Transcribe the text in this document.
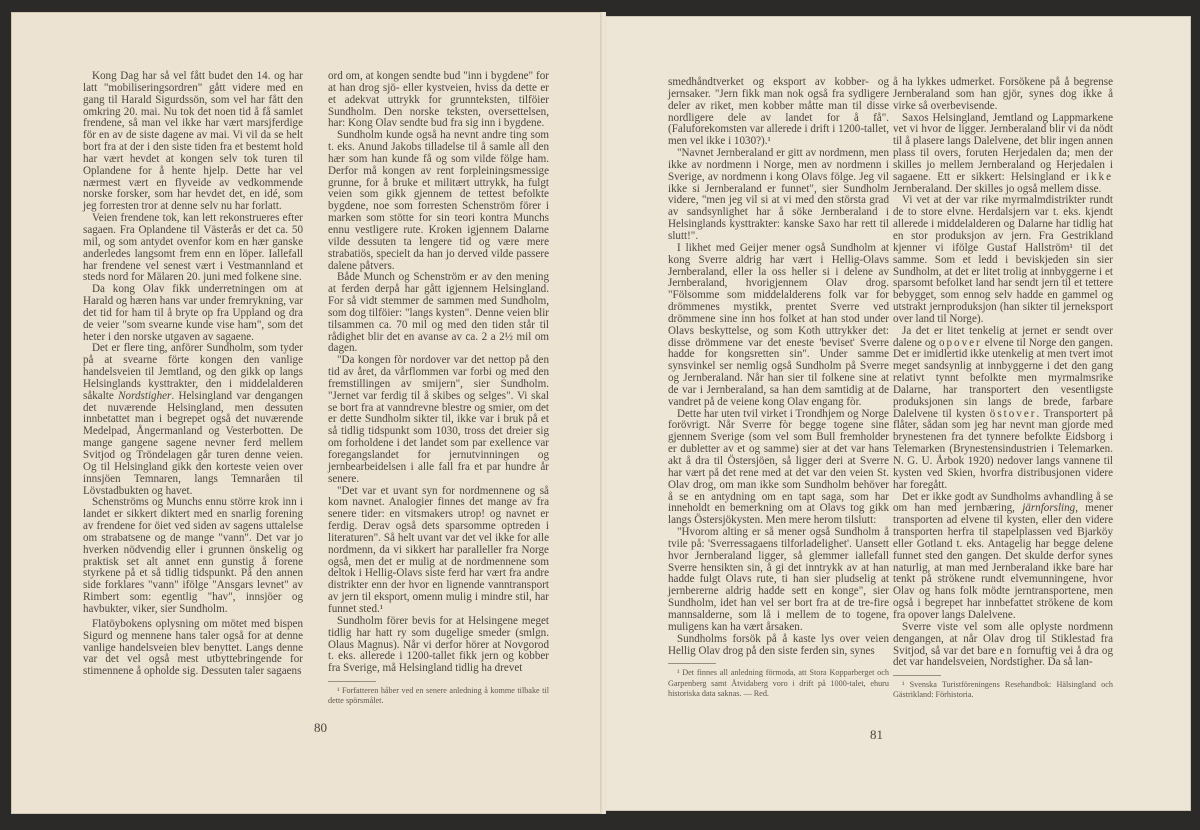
Kong Dag har så vel fått budet den 14. og har latt "mobiliseringsordren" gått videre med en gang til Harald Sigurdssön, som vel har fått den omkring 20. mai. Nu tok det noen tid å få samlet frendene, så man vel ikke har vært marsjferdige för en av de siste dagene av mai. Vi vil da se helt bort fra at der i den siste tiden fra et bestemt hold har vært hevdet at kongen selv tok turen til Oplandene for å hente hjelp. Dette har vel nærmest vært en flyveide av vedkommende norske forsker, som har hevdet det, en idé, som jeg forresten tror at denne selv nu har forlatt.

Veien frendene tok, kan lett rekonstrueres efter sagaen. Fra Oplandene til Västerås er det ca. 50 mil, og som antydet ovenfor kom en hær ganske anderledes langsomt frem enn en löper. Iallefall har frendene vel senest vært i Vestmannland et steds nord for Mälaren 20. juni med folkene sine.

Da kong Olav fikk underretningen om at Harald og hæren hans var under fremrykning, var det tid for ham til å bryte op fra Uppland og dra de veier "som svearne kunde vise ham", som det heter i den norske utgaven av sagaene.

Det er flere ting, anförer Sundholm, som tyder på at svearne förte kongen den vanlige handelsveien til Jemtland, og den gikk op langs Helsinglands kysttrakter, den i middelalderen såkalte Nordstigher. Helsingland var dengangen det nuværende Helsingland, men dessuten innbetattet man i begrepet også det nuværende Medelpad, Ångermanland og Vesterbotten. De mange gangene sagene nevner ferd mellem Svitjod og Tröndelagen går turen denne veien. Og til Helsingland gikk den korteste veien over innsjöen Temnaren, langs Temnaråen til Lövstadbukten og havet.

Schenströms og Munchs ennu större krok inn i landet er sikkert diktert med en snarlig forening av frendene for öiet ved siden av sagens uttalelse om strabatsene og de mange "vann". Det var jo hverken nödvendig eller i grunnen önskelig og praktisk set alt annet enn gunstig å forene styrkene på et så tidlig tidspunkt. På den annen side forklares "vann" ifölge "Ansgars levnet" av Rimbert som: egentlig "hav", innsjöer og havbukter, viker, sier Sundholm.

Flatöybokens oplysning om mötet med bispen Sigurd og mennene hans taler også for at denne vanlige handelsveien blev benyttet. Langs denne var det vel også mest utbyttebringende for stimennene å opholde sig. Dessuten taler sagaens

ord om, at kongen sendte bud "inn i bygdene" for at han drog sjö- eller kystveien, hviss da dette er et adekvat uttrykk for grunnteksten, tilföier Sundholm. Den norske teksten, oversettelsen, har: Kong Olav sendte bud fra sig inn i bygdene.

Sundholm kunde også ha nevnt andre ting som t. eks. Anund Jakobs tilladelse til å samle all den hær som han kunde få og som vilde fölge ham. Derfor må kongen av rent forpleiningsmessige grunne, for å bruke et militært uttrykk, ha fulgt veien som gikk gjennem de tettest befolkte bygdene, noe som forresten Schenström förer i marken som stötte for sin teori kontra Munchs ennu vestligere rute. Kroken igjennem Dalarne vilde dessuten ta lengere tid og være mere strabatiös, specielt da han jo derved vilde passere dalene påtvers.

Både Munch og Schenström er av den mening at ferden derpå har gått igjennem Helsingland. For så vidt stemmer de sammen med Sundholm, som dog tilföier: "langs kysten". Denne veien blir tilsammen ca. 70 mil og med den tiden står til rådighet blir det en avanse av ca. 2 a 2½ mil om dagen.

"Da kongen fòr nordover var det nettop på den tid av året, da vårflommen var forbi og med den fremstillingen av smijern", sier Sundholm. "Jernet var ferdig til å skibes og selges". Vi skal se bort fra at vanndrevne blestre og smier, om det er dette Sundholm sikter til, ikke var i bruk på et så tidlig tidspunkt som 1030, tross det dreier sig om forholdene i det landet som par exellence var foregangslandet for jernutvinningen og jernbearbeidelsen i alle fall fra et par hundre år senere.

"Det var et uvant syn for nordmennene og så kom navnet. Analogier finnes det mange av fra senere tider: en vitsmakers utrop! og navnet er ferdig. Derav også dets sparsomme optreden i literaturen". Så helt uvant var det vel ikke for alle nordmenn, da vi sikkert har paralleller fra Norge også, men det er mulig at de nordmennene som deltok i Hellig-Olavs siste ferd har vært fra andre distrikter enn der hvor en lignende vanntransport av jern til eksport, omenn mulig i mindre stil, har funnet sted.¹

Sundholm förer bevis for at Helsingene meget tidlig har hatt ry som dugelige smeder (smlgn. Olaus Magnus). Når vi derfor hörer at Novgorod t. eks. allerede i 1200-tallet fikk jern og kobber fra Sverige, må Helsingland tidlig ha drevet

¹ Forfatteren håber ved en senere anledning å komme tilbake til dette spörsmålet.

80

smedhåndtverket og eksport av kobber- og jernsaker. "Jern fikk man nok også fra sydligere deler av riket, men kobber måtte man til disse nordligere dele av landet for å få". (Faluforekomsten var allerede i drift i 1200-tallet, men vel ikke i 1030?).¹

"Navnet Jernberaland er gitt av nordmenn, men ikke av nordmenn i Norge, men av nordmenn i Sverige, av nordmenn i kong Olavs fölge. Jeg vil ikke si Jernberaland er funnet", sier Sundholm videre, "men jeg vil si at vi med den största grad av sandsynlighet har å söke Jernberaland i Helsinglands kysttrakter: kanske Saxo har rett til slutt!".

I likhet med Geijer mener også Sundholm at kong Sverre aldrig har vært i Hellig-Olavs Jernberaland, eller la oss heller si i delene av Jernberaland, hvorigjennem Olav drog. "Fölsomme som middelalderens folk var for drömmenes mystikk, prentet Sverre ved drömmene sine inn hos folket at han stod under Olavs beskyttelse, og som Koth uttrykker det: disse drömmene var det eneste 'beviset' Sverre hadde for kongsretten sin". Under samme synsvinkel ser nemlig også Sundholm på Sverre og Jernberaland. Når han sier til folkene sine at de var i Jernberaland, sa han dem samtidig at de vandret på de veiene kong Olav engang fòr.

Dette har uten tvil virket i Trondhjem og Norge forövrigt. Når Sverre fòr begge togene sine gjennem Sverige (som vel som Bull fremholder er dubletter av et og samme) sier at det var hans akt å dra til Östersjöen, så ligger deri at Sverre har vært på det rene med at det var den veien St. Olav drog, om man ikke som Sundholm behöver å se en antydning om en tapt saga, som har inneholdt en bemerkning om at Olavs tog gikk langs Östersjökysten. Men mere herom tilslutt:

"Hvorom alting er så mener også Sundholm å tvile på: 'Sverressagaens tilforladelighet'. Uansett hvor Jernberaland ligger, så glemmer iallefall Sverre hensikten sin, å gi det inntrykk av at han hadde fulgt Olavs rute, ti han sier pludselig at jernbererne aldrig hadde sett en konge", sier Sundholm, idet han vel ser bort fra at de tre-fire mannsalderne, som lå i mellem de to togene, muligens kan ha vært årsaken.

Sundholms forsök på å kaste lys over veien Hellig Olav drog på den siste ferden sin, synes

¹ Det finnes all anledning förmoda, att Stora Kopparberget och Garpenberg samt Åtvidaberg voro i drift på 1000-talet, ehuru historiska data saknas. — Red.

å ha lykkes udmerket. Forsökene på å begrense Jernberaland som han gjör, synes dog ikke å virke så overbevisende.

Saxos Helsingland, Jemtland og Lappmarkene vet vi hvor de ligger. Jernberaland blir vi da nödt til å plasere langs Dalelvene, det blir ingen annen plass til overs, foruten Herjedalen da; men der skilles jo mellem Jernberaland og Herjedalen i sagaene. Ett er sikkert: Helsingland er ikke Jernberaland. Der skilles jo også mellem disse.

Vi vet at der var rike myrmalmdistrikter rundt de to store elvne. Herdalsjern var t. eks. kjendt allerede i middelalderen og Dalarne har tidlig hat en stor produksjon av jern. Fra Gestrikland kjenner vi ifölge Gustaf Hallström¹ til det samme. Som et ledd i beviskjeden sin sier Sundholm, at det er litet trolig at innbyggerne i et sparsomt befolket land har sendt jern til et tettere bebygget, som ennog selv hadde en gammel og utstrakt jernproduksjon (han sikter til jerneksport over land til Norge).

Ja det er litet tenkelig at jernet er sendt over dalene og opover elvene til Norge den gangen. Det er imidlertid ikke utenkelig at men tvert imot meget sandsynlig at innbyggerne i det den gang relativt tynnt befolkte men myrmalmsrike Dalarne, har transportert den vesentligste produksjonen sin langs de brede, farbare Dalelvene til kysten östover. Transportert på flåter, sådan som jeg har nevnt man gjorde med brynestenen fra det tynnere befolkte Eidsborg i Telemarken (Brynestensindustrien i Telemarken. N. G. U. Årbok 1920) nedover langs vannene til kysten ved Skien, hvorfra distribusjonen videre har foregått.

Det er ikke godt av Sundholms avhandling å se om han med jernbæring, järnforsling, mener transporten ad elvene til kysten, eller den videre transporten herfra til stapelplassen ved Bjarköy eller Gotland t. eks. Antagelig har begge delene funnet sted den gangen. Det skulde derfor synes naturlig, at man med Jernberaland ikke bare har tenkt på strökene rundt elvemunningene, hvor Olav og hans folk mödte jerntransportene, men også i begrepet har innbefattet strökene de kom fra opover langs Dalelvene.

Sverre viste vel som alle oplyste nordmenn dengangen, at når Olav drog til Stiklestad fra Svitjod, så var det bare en fornuftig vei å dra og det var handelsveien, Nordstigher. Da så lan-

¹ Svenska Turistföreningens Resehandbok: Hälsingland och Gästrikland: Förhistoria.

81
